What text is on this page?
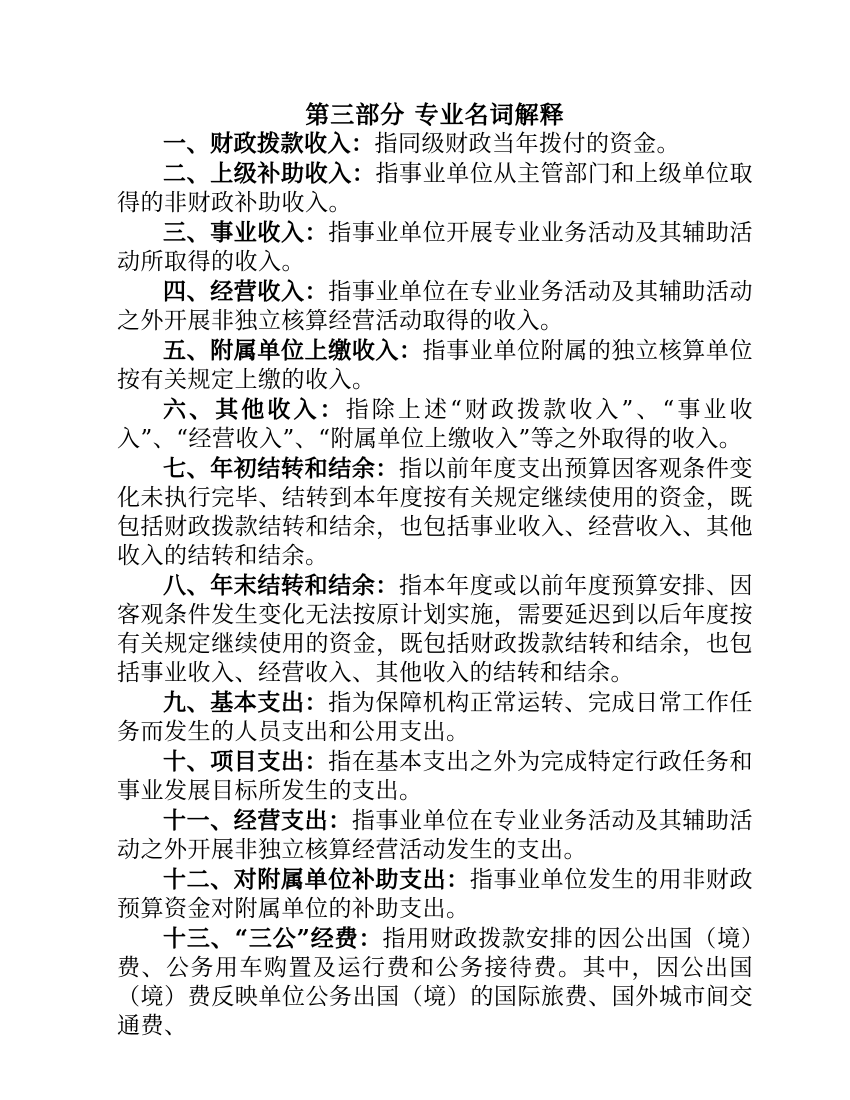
第三部分 专业名词解释

一、财政拨款收入：指同级财政当年拨付的资金。

二、上级补助收入：指事业单位从主管部门和上级单位取得的非财政补助收入。

三、事业收入：指事业单位开展专业业务活动及其辅助活动所取得的收入。

四、经营收入：指事业单位在专业业务活动及其辅助活动之外开展非独立核算经营活动取得的收入。

五、附属单位上缴收入：指事业单位附属的独立核算单位按有关规定上缴的收入。

六、其他收入：指除上述“财政拨款收入”、“事业收入”、“经营收入”、“附属单位上缴收入”等之外取得的收入。

七、年初结转和结余：指以前年度支出预算因客观条件变化未执行完毕、结转到本年度按有关规定继续使用的资金，既包括财政拨款结转和结余，也包括事业收入、经营收入、其他收入的结转和结余。

八、年末结转和结余：指本年度或以前年度预算安排、因客观条件发生变化无法按原计划实施，需要延迟到以后年度按有关规定继续使用的资金，既包括财政拨款结转和结余，也包括事业收入、经营收入、其他收入的结转和结余。

九、基本支出：指为保障机构正常运转、完成日常工作任务而发生的人员支出和公用支出。

十、项目支出：指在基本支出之外为完成特定行政任务和事业发展目标所发生的支出。

十一、经营支出：指事业单位在专业业务活动及其辅助活动之外开展非独立核算经营活动发生的支出。

十二、对附属单位补助支出：指事业单位发生的用非财政预算资金对附属单位的补助支出。

十三、“三公”经费：指用财政拨款安排的因公出国（境）费、公务用车购置及运行费和公务接待费。其中，因公出国（境）费反映单位公务出国（境）的国际旅费、国外城市间交通费、
